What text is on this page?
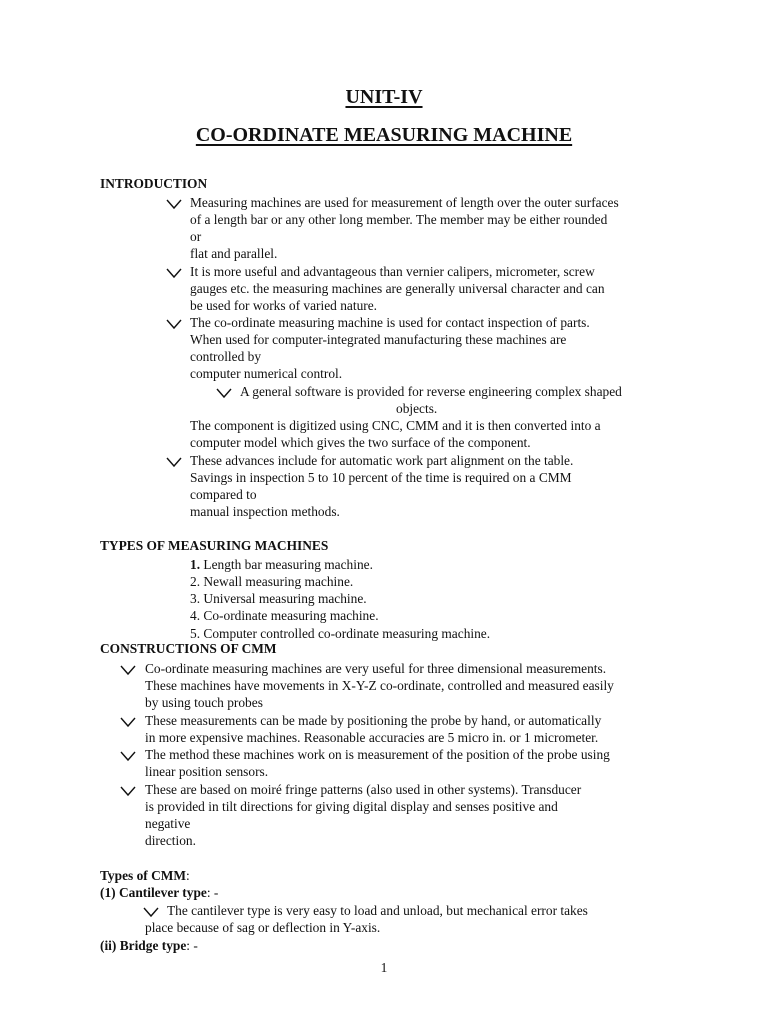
UNIT-IV
CO-ORDINATE MEASURING MACHINE
INTRODUCTION
Measuring machines are used for measurement of length over the outer surfaces
of a length bar or any other long member. The member may be either rounded
or
flat and parallel.
It is more useful and advantageous than vernier calipers, micrometer, screw
gauges etc. the measuring machines are generally universal character and can
be used for works of varied nature.
The co-ordinate measuring machine is used for contact inspection of parts.
When used for computer-integrated manufacturing these machines are
controlled by
computer numerical control.
A general software is provided for reverse engineering complex shaped
objects.
The component is digitized using CNC, CMM and it is then converted into a
computer model which gives the two surface of the component.
These advances include for automatic work part alignment on the table.
Savings in inspection 5 to 10 percent of the time is required on a CMM
compared to
manual inspection methods.
TYPES OF MEASURING MACHINES
1. Length bar measuring machine.
2. Newall measuring machine.
3. Universal measuring machine.
4. Co-ordinate measuring machine.
5. Computer controlled co-ordinate measuring machine.
CONSTRUCTIONS OF CMM
Co-ordinate measuring machines are very useful for three dimensional measurements.
These machines have movements in X-Y-Z co-ordinate, controlled and measured easily
by using touch probes
These measurements can be made by positioning the probe by hand, or automatically
in more expensive machines. Reasonable accuracies are 5 micro in. or 1 micrometer.
The method these machines work on is measurement of the position of the probe using
linear position sensors.
These are based on moiré fringe patterns (also used in other systems). Transducer
is provided in tilt directions for giving digital display and senses positive and
negative
direction.
Types of CMM:
(1) Cantilever type: -
The cantilever type is very easy to load and unload, but mechanical error takes
place because of sag or deflection in Y-axis.
(ii) Bridge type: -
1
